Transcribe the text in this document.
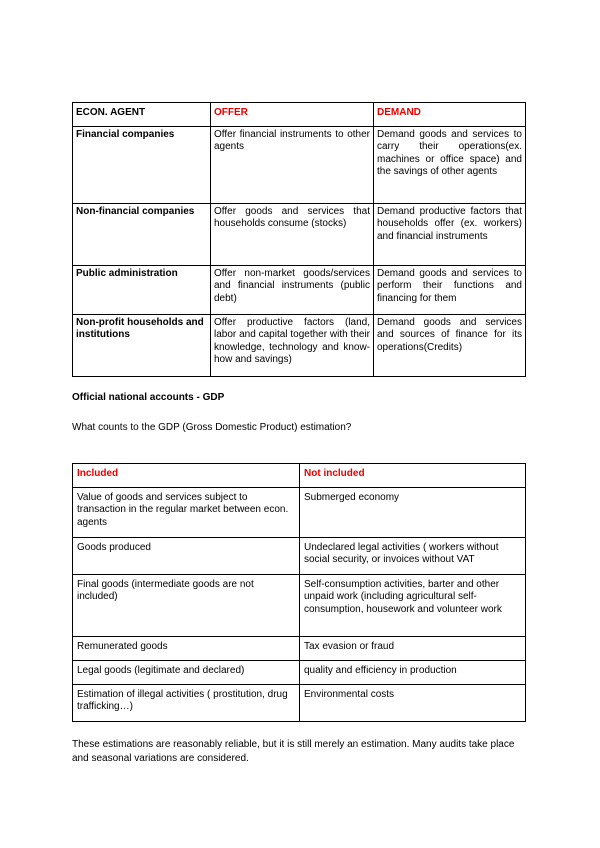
ECON. AGENT	OFFER	DEMAND
Financial companies	Offer financial instruments to other agents	Demand goods and services to carry their operations(ex. machines or office space) and the savings of other agents
Non-financial companies	Offer goods and services that households consume (stocks)	Demand productive factors that households offer (ex. workers) and financial instruments
Public administration	Offer non-market goods/services and financial instruments (public debt)	Demand goods and services to perform their functions and financing for them
Non-profit households and institutions	Offer productive factors (land, labor and capital together with their knowledge, technology and know-how and savings)	Demand goods and services and sources of finance for its operations(Credits)
Official national accounts - GDP
What counts to the GDP (Gross Domestic Product) estimation?
Included	Not included
Value of goods and services subject to transaction in the regular market between econ. agents	Submerged economy
Goods produced	Undeclared legal activities ( workers without social security, or invoices without VAT
Final goods (intermediate goods are not included)	Self-consumption activities, barter and other unpaid work (including agricultural self-consumption, housework and volunteer work
Remunerated goods	Tax evasion or fraud
Legal goods (legitimate and declared)	quality and efficiency in production
Estimation of illegal activities ( prostitution, drug trafficking…)	Environmental costs
These estimations are reasonably reliable, but it is still merely an estimation. Many audits take place and seasonal variations are considered.
